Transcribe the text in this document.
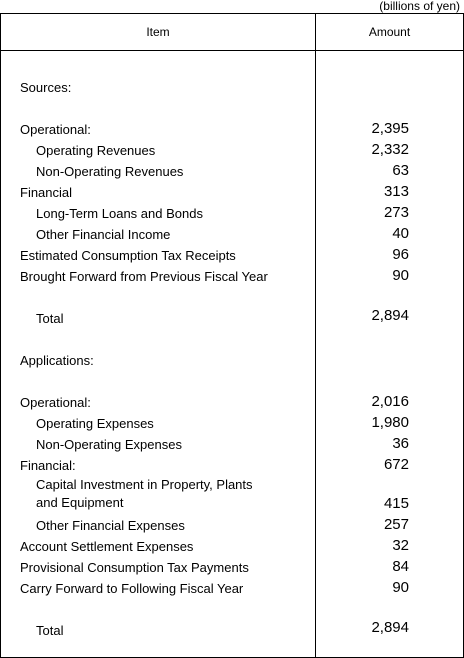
(billions of yen)
Item	Amount
Sources:
Operational:	2,395
Operating Revenues	2,332
Non-Operating Revenues	63
Financial	313
Long-Term Loans and Bonds	273
Other Financial Income	40
Estimated Consumption Tax Receipts	96
Brought Forward from Previous Fiscal Year	90
Total	2,894
Applications:
Operational:	2,016
Operating Expenses	1,980
Non-Operating Expenses	36
Financial:	672
Capital Investment in Property, Plants
and Equipment	415
Other Financial Expenses	257
Account Settlement Expenses	32
Provisional Consumption Tax Payments	84
Carry Forward to Following Fiscal Year	90
Total	2,894
